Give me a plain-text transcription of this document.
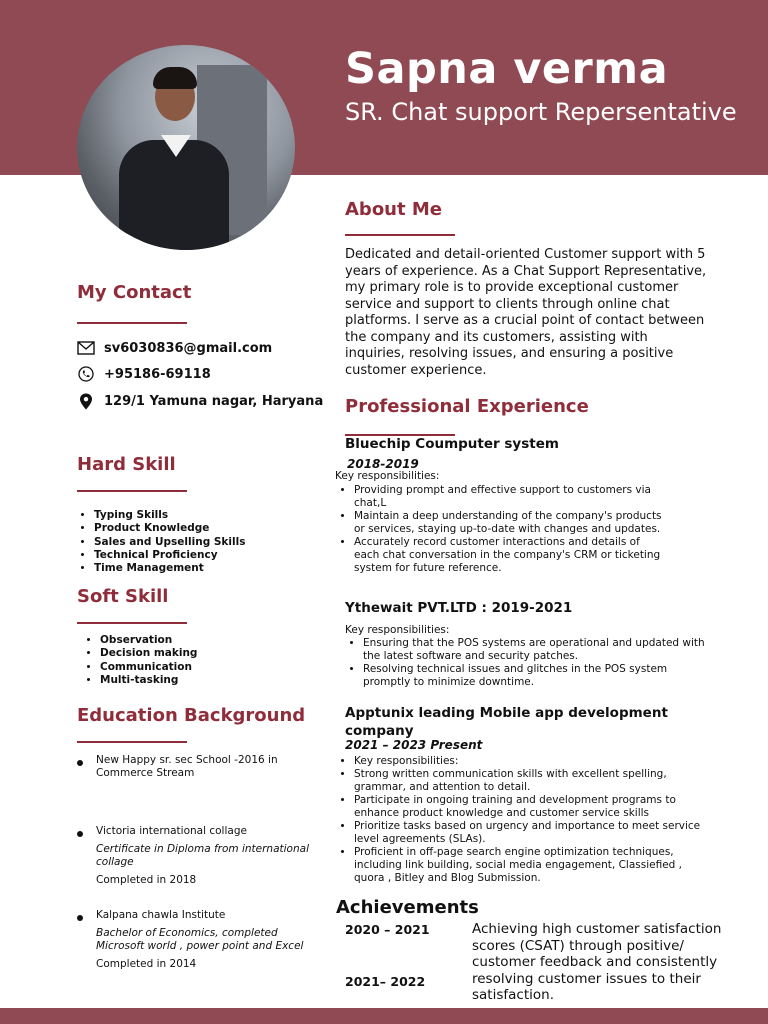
Sapna verma
SR. Chat support Repersentative
My Contact
sv6030836@gmail.com
+95186-69118
129/1 Yamuna nagar, Haryana
Hard Skill
• Typing Skills
• Product Knowledge
• Sales and Upselling Skills
• Technical Proficiency
• Time Management
Soft Skill
• Observation
• Decision making
• Communication
• Multi-tasking
Education Background
New Happy sr. sec School -2016 in Commerce Stream
Victoria international collage
Certificate in Diploma from international collage
Completed in 2018
Kalpana chawla Institute
Bachelor of Economics, completed Microsoft world , power point and Excel
Completed in 2014
About Me
Dedicated and detail-oriented Customer support with 5 years of experience. As a Chat Support Representative, my primary role is to provide exceptional customer service and support to clients through online chat platforms. I serve as a crucial point of contact between the company and its customers, assisting with inquiries, resolving issues, and ensuring a positive customer experience.
Professional Experience
Bluechip Coumputer system
2018-2019
Key responsibilities:
• Providing prompt and effective support to customers via chat,L
• Maintain a deep understanding of the company's products or services, staying up-to-date with changes and updates.
• Accurately record customer interactions and details of each chat conversation in the company's CRM or ticketing system for future reference.
Ythewait PVT.LTD : 2019-2021
Key responsibilities:
• Ensuring that the POS systems are operational and updated with the latest software and security patches.
• Resolving technical issues and glitches in the POS system promptly to minimize downtime.
Apptunix leading Mobile app development company
2021 – 2023 Present
• Key responsibilities:
• Strong written communication skills with excellent spelling, grammar, and attention to detail.
• Participate in ongoing training and development programs to enhance product knowledge and customer service skills
• Prioritize tasks based on urgency and importance to meet service level agreements (SLAs).
• Proficient in off-page search engine optimization techniques, including link building, social media engagement, Classiefied , quora , Bitley and Blog Submission.
Achievements
2020 – 2021
2021– 2022
Achieving high customer satisfaction scores (CSAT) through positive/ customer feedback and consistently resolving customer issues to their satisfaction.
